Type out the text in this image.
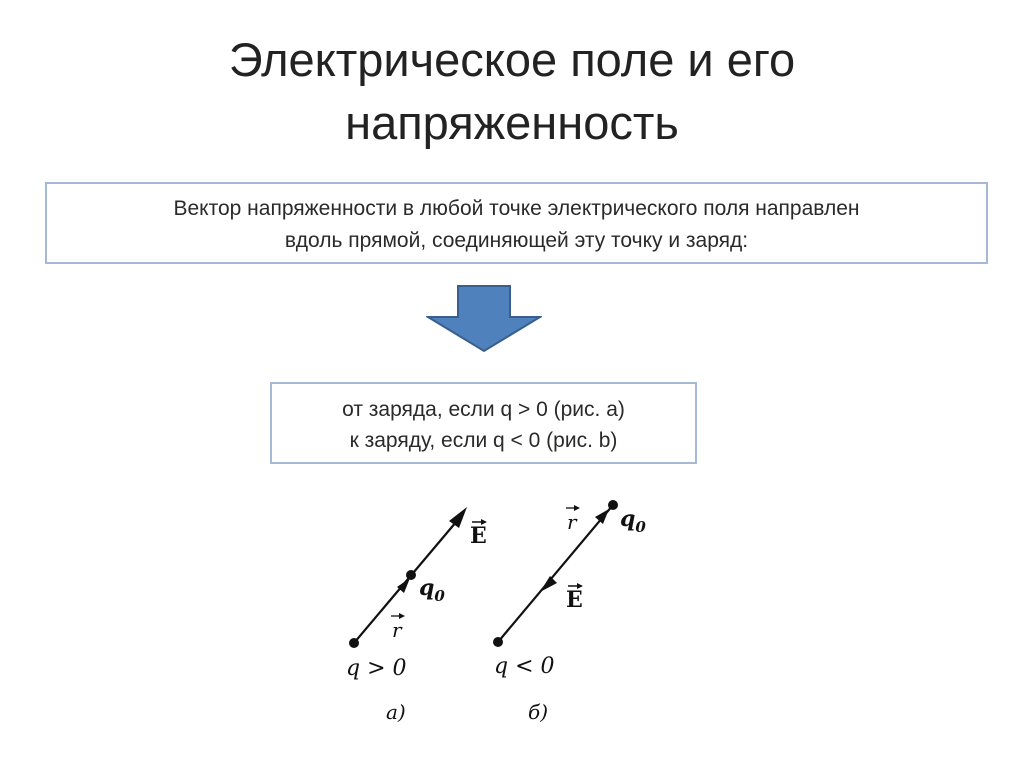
Электрическое поле и его
напряженность
Вектор напряженности в любой точке электрического поля направлен
вдоль прямой, соединяющей эту точку и заряд:
от заряда, если q > 0 (рис. а)
к заряду, если q < 0 (рис. b)
E
$q_0$
r
q > 0
а)
r $q_0$
E
q < 0
б)
